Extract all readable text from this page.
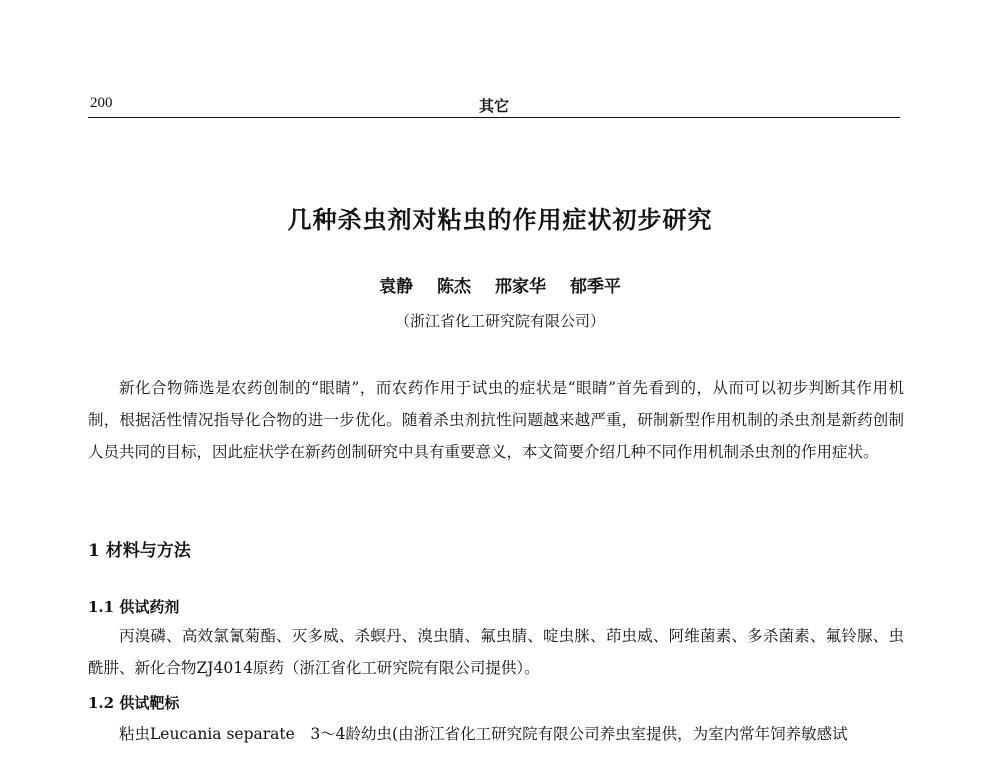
200	其它
几种杀虫剂对粘虫的作用症状初步研究
袁静 陈杰 邢家华 郁季平
（浙江省化工研究院有限公司）
新化合物筛选是农药创制的“眼睛”，而农药作用于试虫的症状是“眼睛”首先看到的，从而可以初步判断其作用机制，根据活性情况指导化合物的进一步优化。随着杀虫剂抗性问题越来越严重，研制新型作用机制的杀虫剂是新药创制人员共同的目标，因此症状学在新药创制研究中具有重要意义，本文简要介绍几种不同作用机制杀虫剂的作用症状。
1 材料与方法
1.1 供试药剂
丙溴磷、高效氯氰菊酯、灭多威、杀螟丹、溴虫腈、氟虫腈、啶虫脒、茚虫威、阿维菌素、多杀菌素、氟铃脲、虫酰肼、新化合物ZJ4014原药（浙江省化工研究院有限公司提供）。
1.2 供试靶标
粘虫Leucania separate　3～4龄幼虫(由浙江省化工研究院有限公司养虫室提供，为室内常年饲养敏感试
